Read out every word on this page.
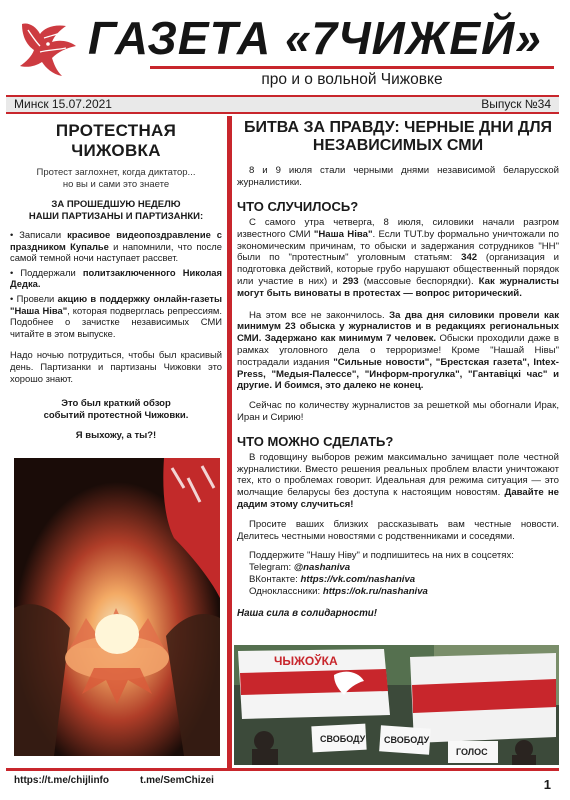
ГАЗЕТА «7ЧИЖЕЙ»
про и о вольной Чижовке
Минск 15.07.2021	Выпуск №34
ПРОТЕСТНАЯ ЧИЖОВКА
Протест заглохнет, когда диктатор...
но вы и сами это знаете
ЗА ПРОШЕДШУЮ НЕДЕЛЮ
НАШИ ПАРТИЗАНЫ И ПАРТИЗАНКИ:
• Записали красивое видеопоздравление с праздником Купалье и напомнили, что после самой темной ночи наступает рассвет.
• Поддержали политзаключенного Николая Дедка.
• Провели акцию в поддержку онлайн-газеты "Наша Ніва", которая подверглась репрессиям. Подобнее о зачистке независимых СМИ читайте в этом выпуске.
Надо ночью потрудиться, чтобы был красивый день. Партизанки и партизаны Чижовки это хорошо знают.
Это был краткий обзор
событий протестной Чижовки.
Я выхожу, а ты?!
БИТВА ЗА ПРАВДУ: ЧЕРНЫЕ ДНИ ДЛЯ
НЕЗАВИСИМЫХ СМИ
8 и 9 июля стали черными днями независимой беларусской журналистики.
ЧТО СЛУЧИЛОСЬ?
С самого утра четверга, 8 июля, силовики начали разгром известного СМИ "Наша Ніва". Если TUT.by формально уничтожали по экономическим причинам, то обыски и задержания сотрудников "НН" были по "протестным" уголовным статьям: 342 (организация и подготовка действий, которые грубо нарушают общественный порядок или участие в них) и 293 (массовые беспорядки). Как журналисты могут быть виноваты в протестах — вопрос риторический.
На этом все не закончилось. За два дня силовики провели как минимум 23 обыска у журналистов и в редакциях региональных СМИ. Задержано как минимум 7 человек. Обыски проходили даже в рамках уголовного дела о терроризме! Кроме "Нашай Нівы" пострадали издания "Сильные новости", "Брестская газета", Intex-Press, "Медыя-Палессе", "Информ-прогулка", "Гантавіцкі час" и другие. И боимся, это далеко не конец.
Сейчас по количеству журналистов за решеткой мы обогнали Ирак, Иран и Сирию!
ЧТО МОЖНО СДЕЛАТЬ?
В годовщину выборов режим максимально зачищает поле честной журналистики. Вместо решения реальных проблем власти уничтожают тех, кто о проблемах говорит. Идеальная для режима ситуация — это молчащие беларусы без доступа к настоящим новостям. Давайте не дадим этому случиться!
Просите ваших близких рассказывать вам честные новости. Делитесь честными новостями с родственниками и соседями.
Поддержите "Нашу Ніву" и подпишитесь на них в соцсетях:
Telegram: @nashaniva
ВКонтакте: https://vk.com/nashaniva
Одноклассники: https://ok.ru/nashaniva
Наша сила в солидарности!
ЧЫЖОЎКА
СВОБОДУ СВОБОДУ
ГОЛОС
https://t.me/chijlinfo	t.me/SemChizei	1
